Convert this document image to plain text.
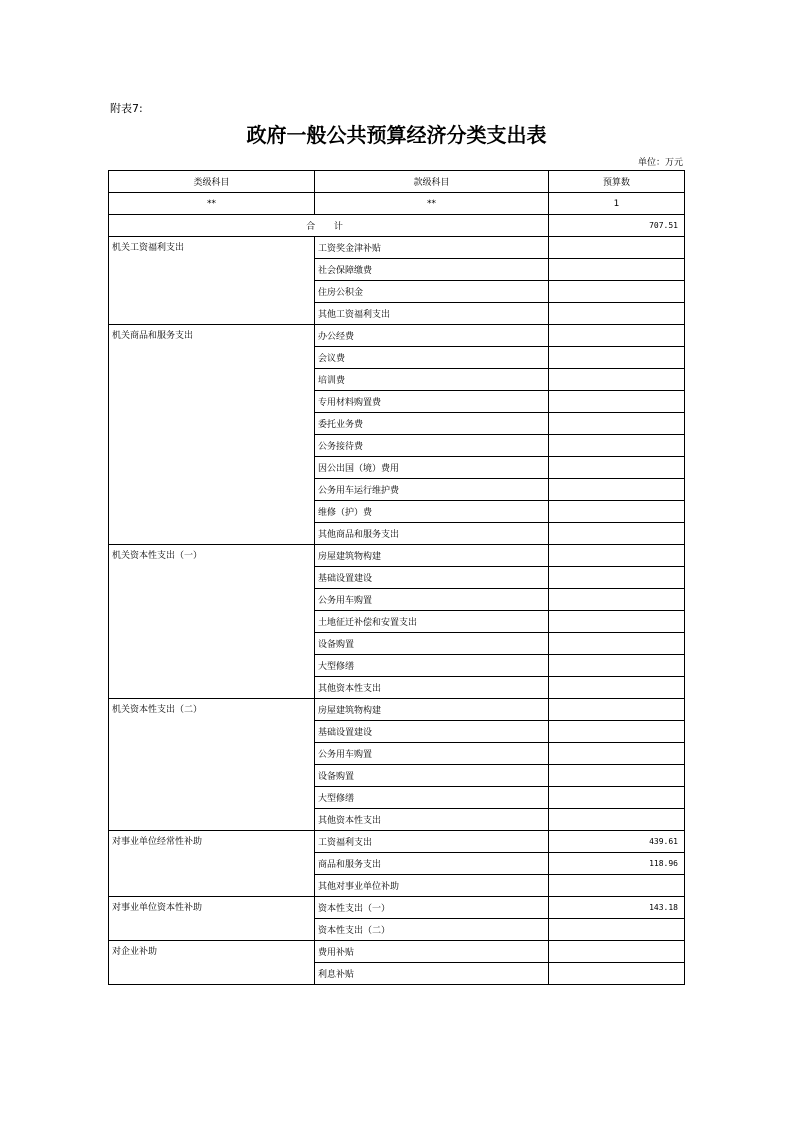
附表7:
政府一般公共预算经济分类支出表
单位：万元
类级科目	款级科目	预算数
**	**	1
合 计		707.51
机关工资福利支出	工资奖金津补贴	
	社会保障缴费	
	住房公积金	
	其他工资福利支出	
机关商品和服务支出	办公经费	
	会议费	
	培训费	
	专用材料购置费	
	委托业务费	
	公务接待费	
	因公出国（境）费用	
	公务用车运行维护费	
	维修（护）费	
	其他商品和服务支出	
机关资本性支出（一）	房屋建筑物构建	
	基础设置建设	
	公务用车购置	
	土地征迁补偿和安置支出	
	设备购置	
	大型修缮	
	其他资本性支出	
机关资本性支出（二）	房屋建筑物构建	
	基础设置建设	
	公务用车购置	
	设备购置	
	大型修缮	
	其他资本性支出	
对事业单位经常性补助	工资福利支出	439.61
	商品和服务支出	118.96
	其他对事业单位补助	
对事业单位资本性补助	资本性支出（一）	143.18
	资本性支出（二）	
对企业补助	费用补贴	
	利息补贴	
